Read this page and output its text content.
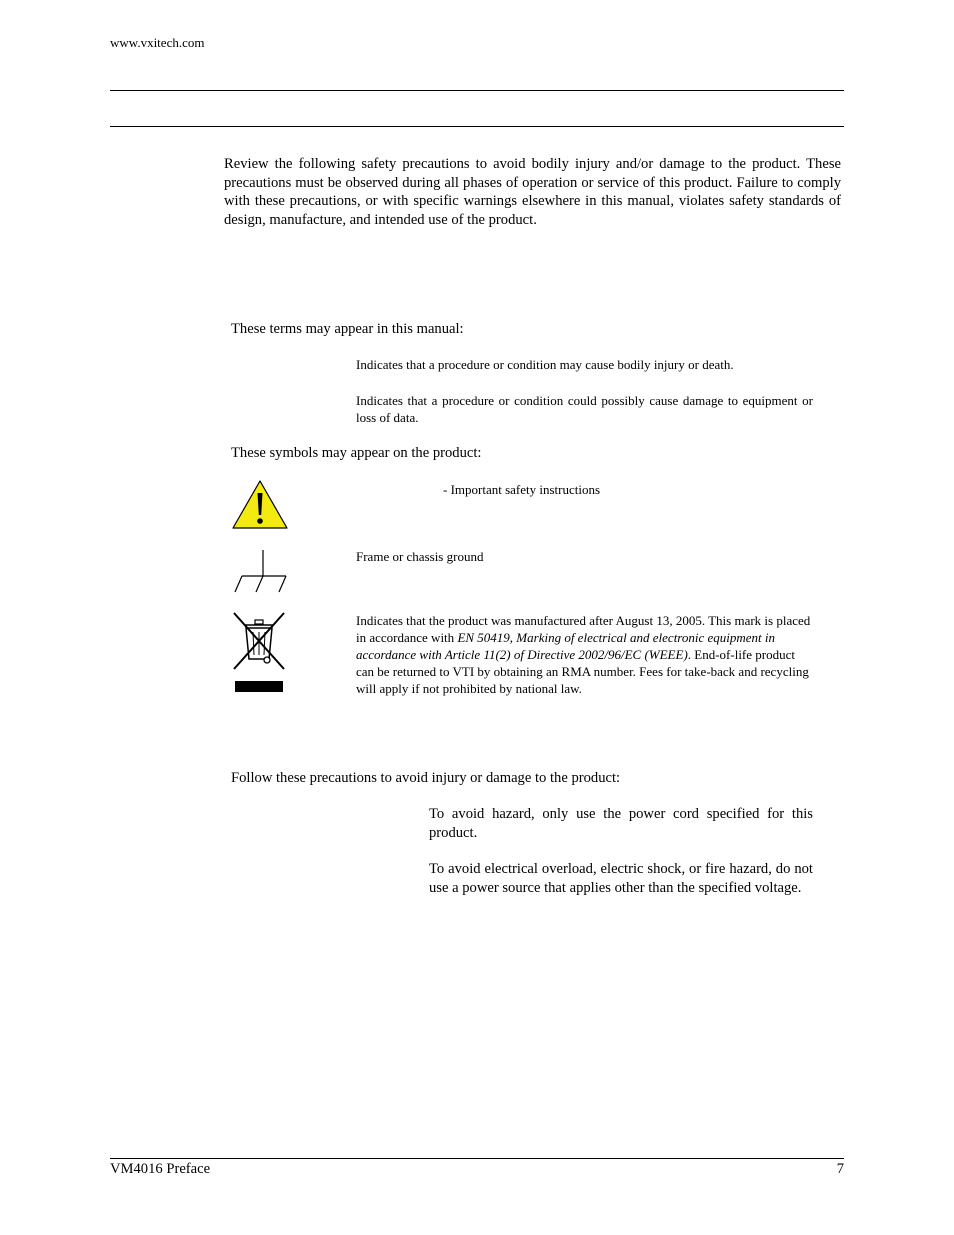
www.vxitech.com
Review the following safety precautions to avoid bodily injury and/or damage to the product. These precautions must be observed during all phases of operation or service of this product. Failure to comply with these precautions, or with specific warnings elsewhere in this manual, violates safety standards of design, manufacture, and intended use of the product.
These terms may appear in this manual:
Indicates that a procedure or condition may cause bodily injury or death.
Indicates that a procedure or condition could possibly cause damage to equipment or loss of data.
These symbols may appear on the product:
- Important safety instructions
Frame or chassis ground
Indicates that the product was manufactured after August 13, 2005. This mark is placed in accordance with EN 50419, Marking of electrical and electronic equipment in accordance with Article 11(2) of Directive 2002/96/EC (WEEE). End-of-life product can be returned to VTI by obtaining an RMA number. Fees for take-back and recycling will apply if not prohibited by national law.
Follow these precautions to avoid injury or damage to the product:
To avoid hazard, only use the power cord specified for this product.
To avoid electrical overload, electric shock, or fire hazard, do not use a power source that applies other than the specified voltage.
VM4016 Preface	7
